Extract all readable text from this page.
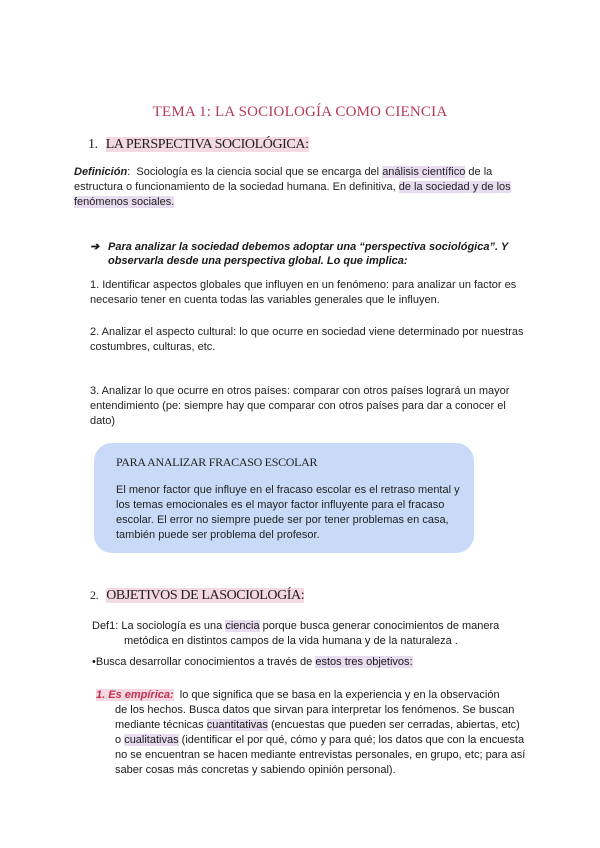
TEMA 1: LA SOCIOLOGÍA COMO CIENCIA
1. LA PERSPECTIVA SOCIOLÓGICA:
Definición: Sociología es la ciencia social que se encarga del análisis científico de la estructura o funcionamiento de la sociedad humana. En definitiva, de la sociedad y de los fenómenos sociales.
➔ Para analizar la sociedad debemos adoptar una “perspectiva sociológica”. Y observarla desde una perspectiva global. Lo que implica:
1. Identificar aspectos globales que influyen en un fenómeno: para analizar un factor es necesario tener en cuenta todas las variables generales que le influyen.
2. Analizar el aspecto cultural: lo que ocurre en sociedad viene determinado por nuestras costumbres, culturas, etc.
3. Analizar lo que ocurre en otros países: comparar con otros países logrará un mayor entendimiento (pe: siempre hay que comparar con otros países para dar a conocer el dato)
PARA ANALIZAR FRACASO ESCOLAR
El menor factor que influye en el fracaso escolar es el retraso mental y los temas emocionales es el mayor factor influyente para el fracaso escolar. El error no siempre puede ser por tener problemas en casa, también puede ser problema del profesor.
2. OBJETIVOS DE LASOCIOLOGÍA:
Def1: La sociología es una ciencia porque busca generar conocimientos de manera
metódica en distintos campos de la vida humana y de la naturaleza .
•Busca desarrollar conocimientos a través de estos tres objetivos:
1. Es empírica: lo que significa que se basa en la experiencia y en la observación
de los hechos. Busca datos que sirvan para interpretar los fenómenos. Se buscan mediante técnicas cuantitativas (encuestas que pueden ser cerradas, abiertas, etc) o cualitativas (identificar el por qué, cómo y para qué; los datos que con la encuesta no se encuentran se hacen mediante entrevistas personales, en grupo, etc; para así saber cosas más concretas y sabiendo opinión personal).
